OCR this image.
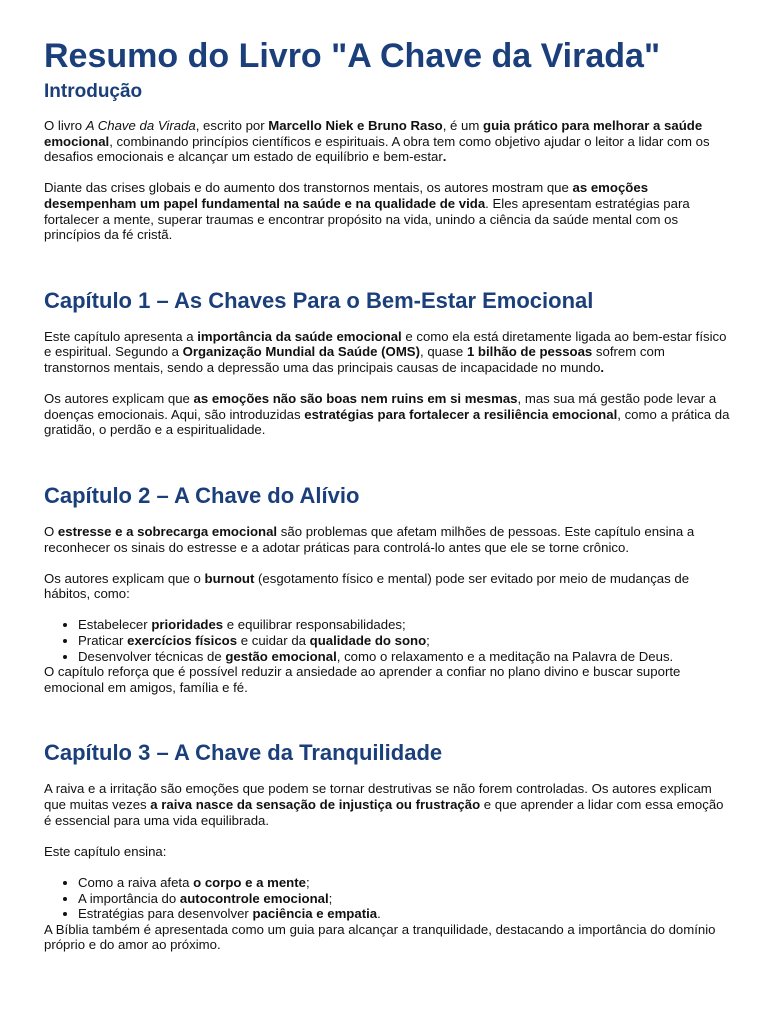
Resumo do Livro "A Chave da Virada"
Introdução

O livro A Chave da Virada, escrito por Marcello Niek e Bruno Raso, é um guia prático para melhorar a saúde emocional, combinando princípios científicos e espirituais. A obra tem como objetivo ajudar o leitor a lidar com os desafios emocionais e alcançar um estado de equilíbrio e bem-estar.

Diante das crises globais e do aumento dos transtornos mentais, os autores mostram que as emoções desempenham um papel fundamental na saúde e na qualidade de vida. Eles apresentam estratégias para fortalecer a mente, superar traumas e encontrar propósito na vida, unindo a ciência da saúde mental com os princípios da fé cristã.

Capítulo 1 – As Chaves Para o Bem-Estar Emocional

Este capítulo apresenta a importância da saúde emocional e como ela está diretamente ligada ao bem-estar físico e espiritual. Segundo a Organização Mundial da Saúde (OMS), quase 1 bilhão de pessoas sofrem com transtornos mentais, sendo a depressão uma das principais causas de incapacidade no mundo.

Os autores explicam que as emoções não são boas nem ruins em si mesmas, mas sua má gestão pode levar a doenças emocionais. Aqui, são introduzidas estratégias para fortalecer a resiliência emocional, como a prática da gratidão, o perdão e a espiritualidade.

Capítulo 2 – A Chave do Alívio

O estresse e a sobrecarga emocional são problemas que afetam milhões de pessoas. Este capítulo ensina a reconhecer os sinais do estresse e a adotar práticas para controlá-lo antes que ele se torne crônico.

Os autores explicam que o burnout (esgotamento físico e mental) pode ser evitado por meio de mudanças de hábitos, como:

• Estabelecer prioridades e equilibrar responsabilidades;
• Praticar exercícios físicos e cuidar da qualidade do sono;
• Desenvolver técnicas de gestão emocional, como o relaxamento e a meditação na Palavra de Deus.

O capítulo reforça que é possível reduzir a ansiedade ao aprender a confiar no plano divino e buscar suporte emocional em amigos, família e fé.

Capítulo 3 – A Chave da Tranquilidade

A raiva e a irritação são emoções que podem se tornar destrutivas se não forem controladas. Os autores explicam que muitas vezes a raiva nasce da sensação de injustiça ou frustração e que aprender a lidar com essa emoção é essencial para uma vida equilibrada.

Este capítulo ensina:

• Como a raiva afeta o corpo e a mente;
• A importância do autocontrole emocional;
• Estratégias para desenvolver paciência e empatia.

A Bíblia também é apresentada como um guia para alcançar a tranquilidade, destacando a importância do domínio próprio e do amor ao próximo.
